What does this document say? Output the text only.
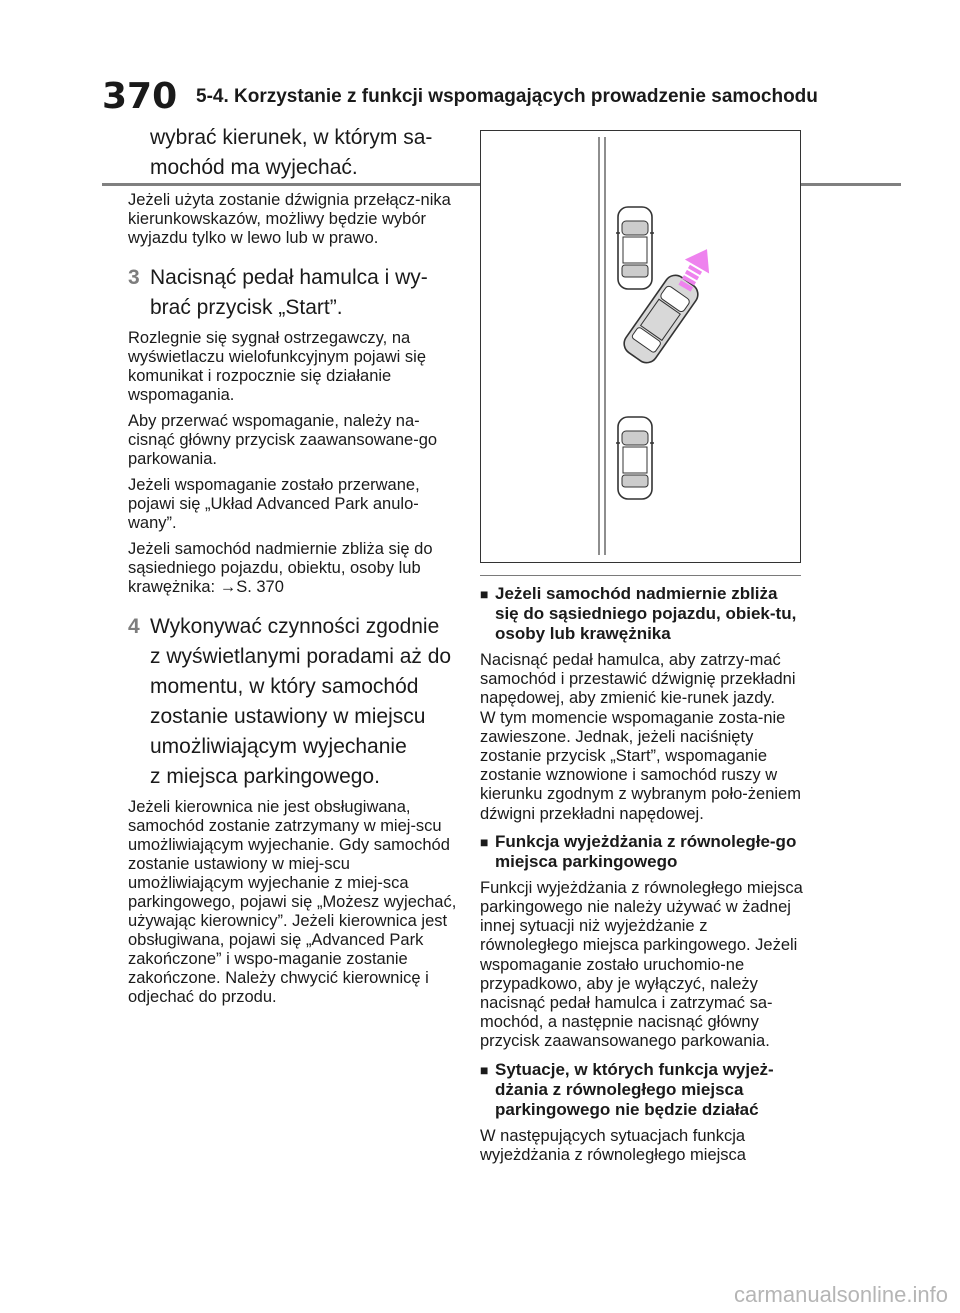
370 5-4. Korzystanie z funkcji wspomagających prowadzenie samochodu
wybrać kierunek, w którym sa-
mochód ma wyjechać.

Jeżeli użyta zostanie dźwignia przełącz-nika kierunkowskazów, możliwy będzie wybór wyjazdu tylko w lewo lub w prawo.

3 Nacisnąć pedał hamulca i wy-
brać przycisk „Start”.

Rozlegnie się sygnał ostrzegawczy, na wyświetlaczu wielofunkcyjnym pojawi się komunikat i rozpocznie się działanie wspomagania.

Aby przerwać wspomaganie, należy na-cisnąć główny przycisk zaawansowane-go parkowania.

Jeżeli wspomaganie zostało przerwane, pojawi się „Układ Advanced Park anulo-wany”.

Jeżeli samochód nadmiernie zbliża się do sąsiedniego pojazdu, obiektu, osoby lub krawężnika: →S. 370

4 Wykonywać czynności zgodnie
z wyświetlanymi poradami aż do
momentu, w który samochód
zostanie ustawiony w miejscu
umożliwiającym wyjechanie
z miejsca parkingowego.

Jeżeli kierownica nie jest obsługiwana, samochód zostanie zatrzymany w miej-scu umożliwiającym wyjechanie. Gdy samochód zostanie ustawiony w miej-scu umożliwiającym wyjechanie z miej-sca parkingowego, pojawi się „Możesz wyjechać, używając kierownicy”. Jeżeli kierownica jest obsługiwana, pojawi się „Advanced Park zakończone” i wspo-maganie zostanie zakończone. Należy chwycić kierownicę i odjechać do przodu.

■ Jeżeli samochód nadmiernie zbliża się do sąsiedniego pojazdu, obiek-tu, osoby lub krawężnika

Nacisnąć pedał hamulca, aby zatrzy-mać samochód i przestawić dźwignię przekładni napędowej, aby zmienić kie-runek jazdy.

W tym momencie wspomaganie zosta-nie zawieszone. Jednak, jeżeli naciśnięty zostanie przycisk „Start”, wspomaganie zostanie wznowione i samochód ruszy w kierunku zgodnym z wybranym poło-żeniem dźwigni przekładni napędowej.

■ Funkcja wyjeżdżania z równoległe-go miejsca parkingowego

Funkcji wyjeżdżania z równoległego miejsca parkingowego nie należy używać w żadnej innej sytuacji niż wyjeżdżanie z równoległego miejsca parkingowego. Jeżeli wspomaganie zostało uruchomio-ne przypadkowo, aby je wyłączyć, należy nacisnąć pedał hamulca i zatrzymać sa-mochód, a następnie nacisnąć główny przycisk zaawansowanego parkowania.

■ Sytuacje, w których funkcja wyjeż-dżania z równoległego miejsca parkingowego nie będzie działać

W następujących sytuacjach funkcja wyjeżdżania z równoległego miejsca

carmanualsonline.info
